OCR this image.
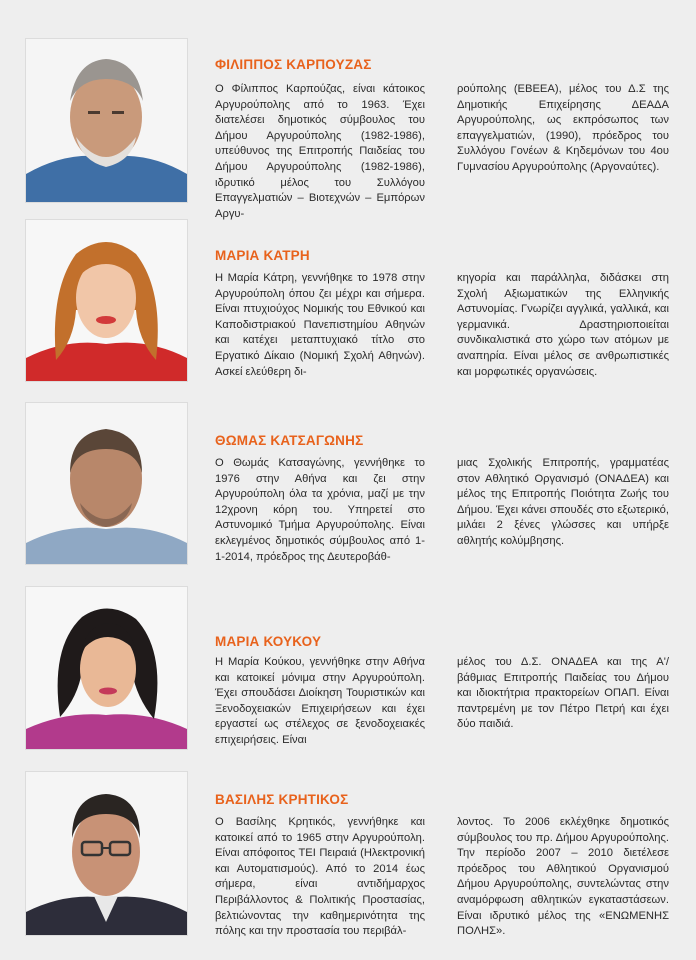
ΦΙΛΙΠΠΟΣ ΚΑΡΠΟΥΖΑΣ

Ο Φίλιππος Καρπούζας, είναι κάτοικος Αργυρούπολης από το 1963. Έχει διατελέσει δημοτικός σύμβουλος του Δήμου Αργυρούπολης (1982-1986), υπεύθυνος της Επιτροπής Παιδείας του Δήμου Αργυρούπολης (1982-1986), ιδρυτικό μέλος του Συλλόγου Επαγγελματιών – Βιοτεχνών – Εμπόρων Αργυ-

ρούπολης (ΕΒΕΕΑ), μέλος του Δ.Σ της Δημοτικής Επιχείρησης ΔΕΑΔΑ Αργυρούπολης, ως εκπρόσωπος των επαγγελματιών, (1990), πρόεδρος του Συλλόγου Γονέων & Κηδεμόνων του 4ου Γυμνασίου Αργυρούπολης (Αργοναύτες).

ΜΑΡΙΑ ΚΑΤΡΗ

Η Μαρία Κάτρη, γεννήθηκε το 1978 στην Αργυρούπολη όπου ζει μέχρι και σήμερα. Είναι πτυχιούχος Νομικής του Εθνικού και Καποδιστριακού Πανεπιστημίου Αθηνών και κατέχει μεταπτυχιακό τίτλο στο Εργατικό Δίκαιο (Νομική Σχολή Αθηνών). Ασκεί ελεύθερη δι-

κηγορία και παράλληλα, διδάσκει στη Σχολή Αξιωματικών της Ελληνικής Αστυνομίας. Γνωρίζει αγγλικά, γαλλικά, και γερμανικά. Δραστηριοποιείται συνδικαλιστικά στο χώρο των ατόμων με αναπηρία. Είναι μέλος σε ανθρωπιστικές και μορφωτικές οργανώσεις.

ΘΩΜΑΣ ΚΑΤΣΑΓΩΝΗΣ

Ο Θωμάς Κατσαγώνης, γεννήθηκε το 1976 στην Αθήνα και ζει στην Αργυρούπολη όλα τα χρόνια, μαζί με την 12χρονη κόρη του. Υπηρετεί στο Αστυνομικό Τμήμα Αργυρούπολης. Είναι εκλεγμένος δημοτικός σύμβουλος από 1-1-2014, πρόεδρος της Δευτεροβάθ-

μιας Σχολικής Επιτροπής, γραμματέας στον Αθλητικό Οργανισμό (ΟΝΑΔΕΑ) και μέλος της Επιτροπής Ποιότητα Ζωής του Δήμου. Έχει κάνει σπουδές στο εξωτερικό, μιλάει 2 ξένες γλώσσες και υπήρξε αθλητής κολύμβησης.

ΜΑΡΙΑ ΚΟΥΚΟΥ

Η Μαρία Κούκου, γεννήθηκε στην Αθήνα και κατοικεί μόνιμα στην Αργυρούπολη. Έχει σπουδάσει Διοίκηση Τουριστικών και Ξενοδοχειακών Επιχειρήσεων και έχει εργαστεί ως στέλεχος σε ξενοδοχειακές επιχειρήσεις. Είναι

μέλος του Δ.Σ. ΟΝΑΔΕΑ και της Α'/βάθμιας Επιτροπής Παιδείας του Δήμου και ιδιοκτήτρια πρακτορείων ΟΠΑΠ. Είναι παντρεμένη με τον Πέτρο Πετρή και έχει δύο παιδιά.

ΒΑΣΙΛΗΣ ΚΡΗΤΙΚΟΣ

Ο Βασίλης Κρητικός, γεννήθηκε και κατοικεί από το 1965 στην Αργυρούπολη. Είναι απόφοιτος ΤΕΙ Πειραιά (Ηλεκτρονική και Αυτοματισμούς). Από το 2014 έως σήμερα, είναι αντιδήμαρχος Περιβάλλοντος & Πολιτικής Προστασίας, βελτιώνοντας την καθημερινότητα της πόλης και την προστασία του περιβάλ-

λοντος. Το 2006 εκλέχθηκε δημοτικός σύμβουλος του πρ. Δήμου Αργυρούπολης. Την περίοδο 2007 – 2010 διετέλεσε πρόεδρος του Αθλητικού Οργανισμού Δήμου Αργυρούπολης, συντελώντας στην αναμόρφωση αθλητικών εγκαταστάσεων. Είναι ιδρυτικό μέλος της «ΕΝΩΜΕΝΗΣ ΠΟΛΗΣ».
